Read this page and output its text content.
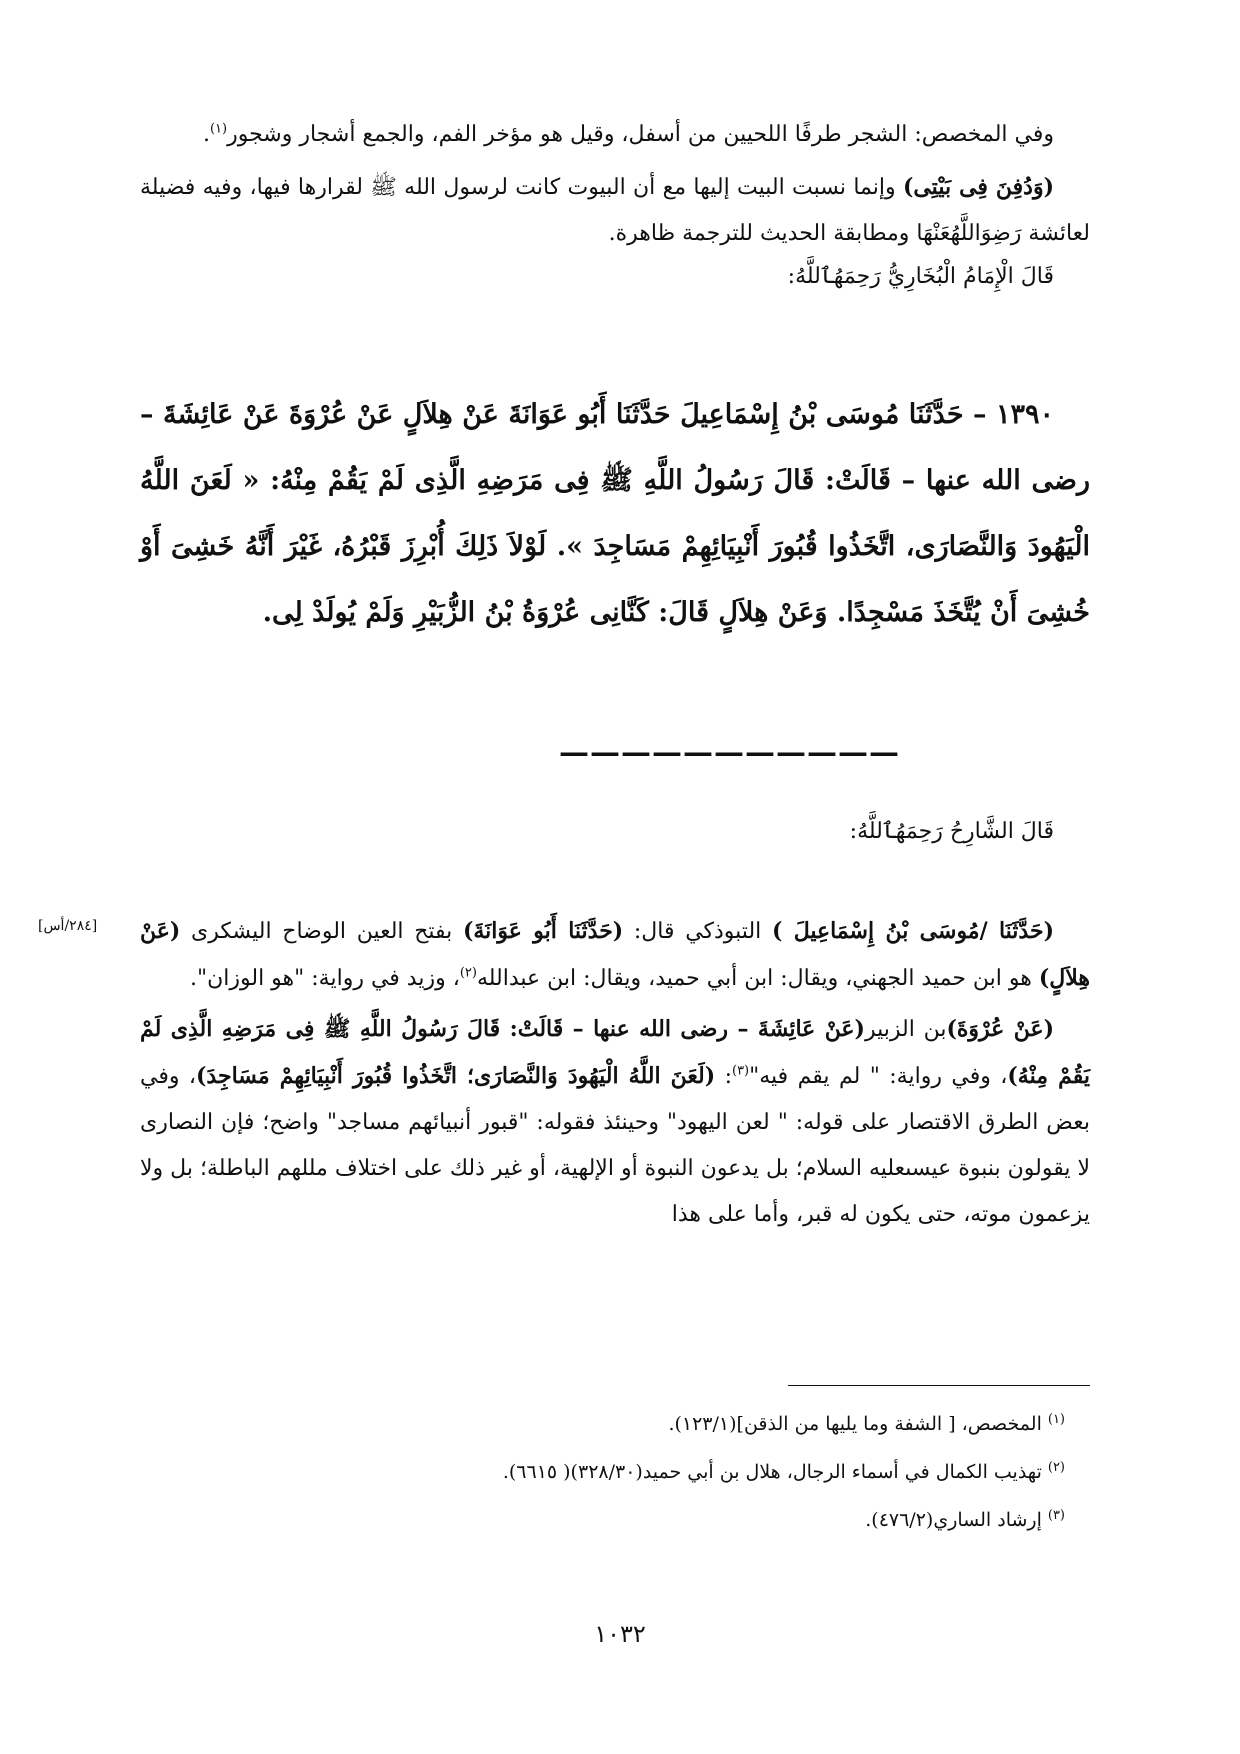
وفي المخصص: الشجر طرفًا اللحيين من أسفل، وقيل هو مؤخر الفم، والجمع أشجار وشجور$^{(١)}$.

(وَدُفِنَ فِى بَيْتِى) وإنما نسبت البيت إليها مع أن البيوت كانت لرسول الله ﷺ لقرارها فيها، وفيه فضيلة لعائشة رَضِوَاللَّهُعَنْهَا ومطابقة الحديث للترجمة ظاهرة.

قَالَ الْإِمَامُ الْبُخَارِيُّ رَحِمَهُٱللَّهُ:

١٣٩٠ – حَدَّثَنَا مُوسَى بْنُ إِسْمَاعِيلَ حَدَّثَنَا أَبُو عَوَانَةَ عَنْ هِلاَلٍ عَنْ عُرْوَةَ عَنْ عَائِشَةَ – رضى الله عنها – قَالَتْ: قَالَ رَسُولُ اللَّهِ ﷺ فِى مَرَضِهِ الَّذِى لَمْ يَقُمْ مِنْهُ: « لَعَنَ اللَّهُ الْيَهُودَ وَالنَّصَارَى، اتَّخَذُوا قُبُورَ أَنْبِيَائِهِمْ مَسَاجِدَ ». لَوْلاَ ذَلِكَ أُبْرِزَ قَبْرُهُ، غَيْرَ أَنَّهُ خَشِىَ أَوْ خُشِىَ أَنْ يُتَّخَذَ مَسْجِدًا. وَعَنْ هِلاَلٍ قَالَ: كَنَّانِى عُرْوَةُ بْنُ الزُّبَيْرِ وَلَمْ يُولَدْ لِى.

———————————

قَالَ الشَّارِحُ رَحِمَهُٱللَّهُ:

[٢٨٤/أس]	(حَدَّثَنَا /مُوسَى بْنُ إِسْمَاعِيلَ ) التبوذكي قال: (حَدَّثَنَا أَبُو عَوَانَةَ) بفتح العين الوضاح اليشكرى (عَنْ هِلاَلٍ) هو ابن حميد الجهني، ويقال: ابن أبي حميد، ويقال: ابن عبدالله$^{(٢)}$، وزيد في رواية: "هو الوزان".

(عَنْ عُرْوَةَ)بن الزبير(عَنْ عَائِشَةَ – رضى الله عنها – قَالَتْ: قَالَ رَسُولُ اللَّهِ ﷺ فِى مَرَضِهِ الَّذِى لَمْ يَقُمْ مِنْهُ)، وفي رواية: " لم يقم فيه"$^{(٣)}$: (لَعَنَ اللَّهُ الْيَهُودَ وَالنَّصَارَى؛ اتَّخَذُوا قُبُورَ أَنْبِيَائِهِمْ مَسَاجِدَ)، وفي بعض الطرق الاقتصار على قوله: " لعن اليهود" وحينئذ فقوله: "قبور أنبيائهم مساجد" واضح؛ فإن النصارى لا يقولون بنبوة عيسىعليه السلام؛ بل يدعون النبوة أو الإلهية، أو غير ذلك على اختلاف مللهم الباطلة؛ بل ولا يزعمون موته، حتى يكون له قبر، وأما على هذا

$^{(١)}$المخصص، [ الشفة وما يليها من الذقن](١٢٣/١).

$^{(٢)}$تهذيب الكمال في أسماء الرجال، هلال بن أبي حميد(٣٢٨/٣٠)( ٦٦١٥).

$^{(٣)}$إرشاد الساري(٤٧٦/٢).

١٠٣٢
